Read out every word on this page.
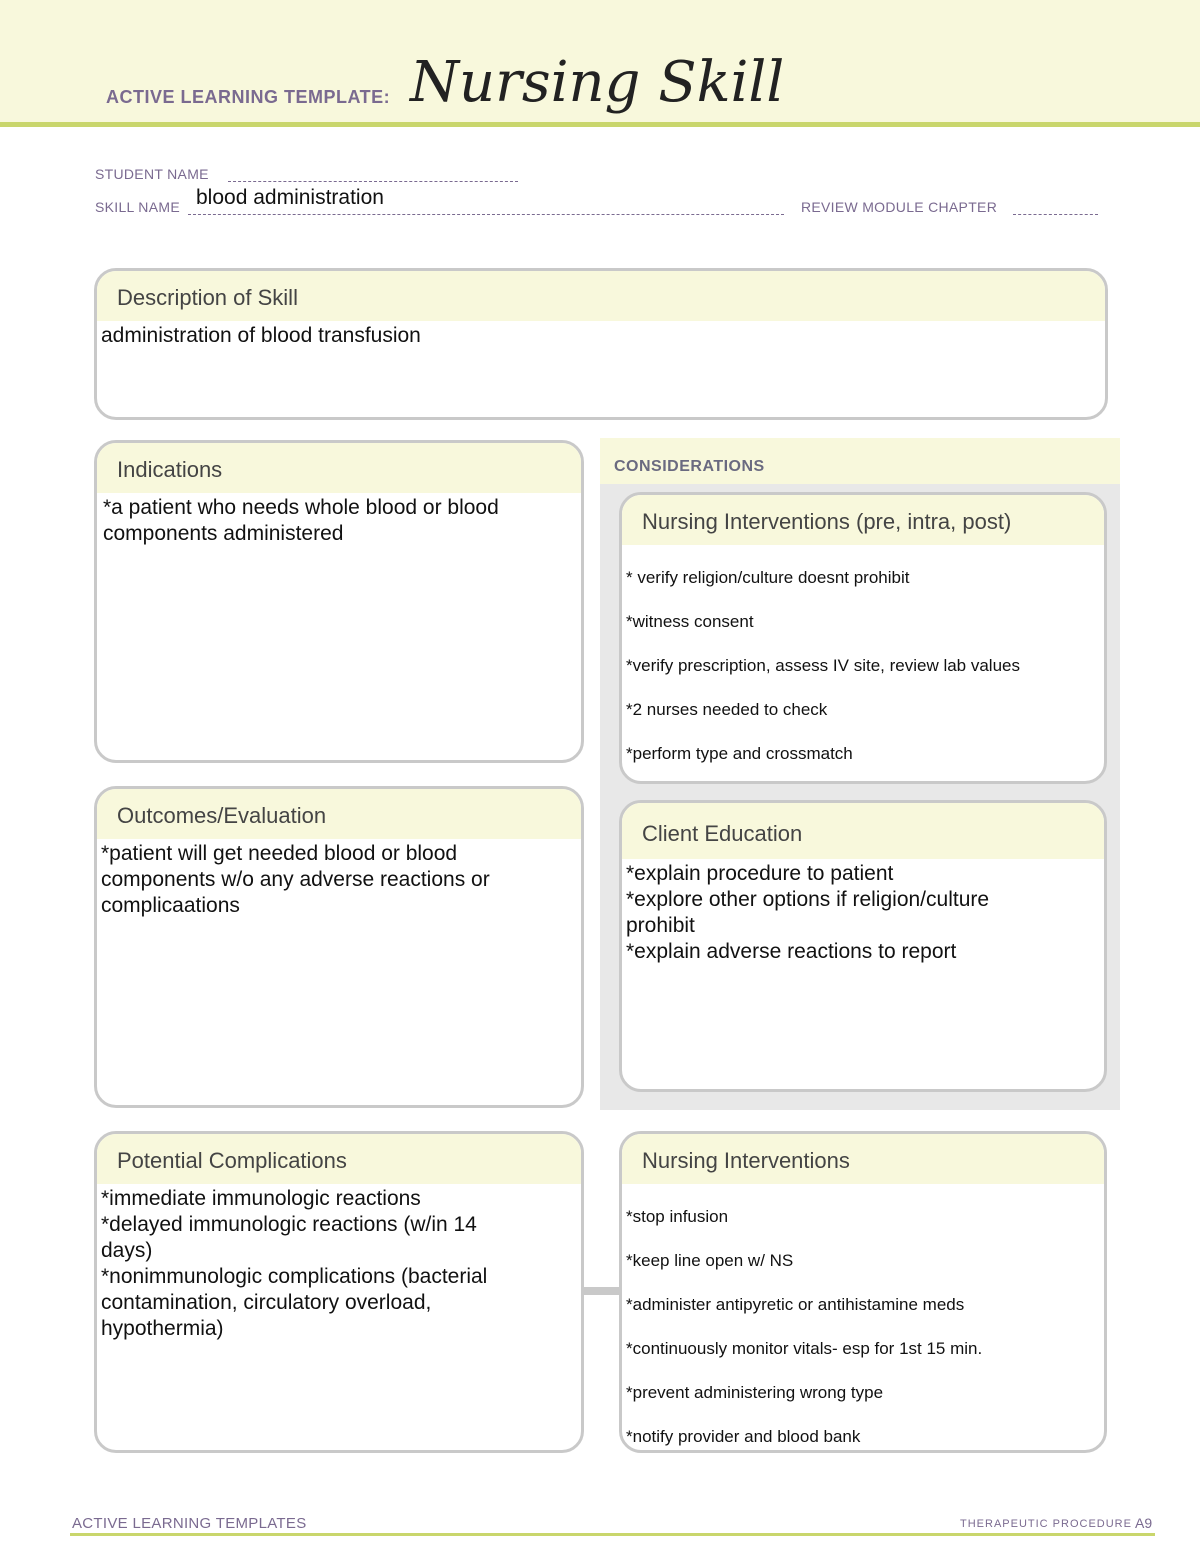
ACTIVE LEARNING TEMPLATE: Nursing Skill
STUDENT NAME
SKILL NAME blood administration	REVIEW MODULE CHAPTER
Description of Skill
administration of blood transfusion
Indications
*a patient who needs whole blood or blood
components administered
Outcomes/Evaluation
*patient will get needed blood or blood
components w/o any adverse reactions or
complicaations
CONSIDERATIONS
Nursing Interventions (pre, intra, post)

* verify religion/culture doesnt prohibit

*witness consent

*verify prescription, assess IV site, review lab values

*2 nurses needed to check

*perform type and crossmatch

Client Education
*explain procedure to patient
*explore other options if religion/culture
prohibit
*explain adverse reactions to report
Potential Complications
*immediate immunologic reactions
*delayed immunologic reactions (w/in 14
days)
*nonimmunologic complications (bacterial
contamination, circulatory overload,
hypothermia)
Nursing Interventions

*stop infusion

*keep line open w/ NS

*administer antipyretic or antihistamine meds

*continuously monitor vitals- esp for 1st 15 min.

*prevent administering wrong type

*notify provider and blood bank

ACTIVE LEARNING TEMPLATES	THERAPEUTIC PROCEDURE A9
